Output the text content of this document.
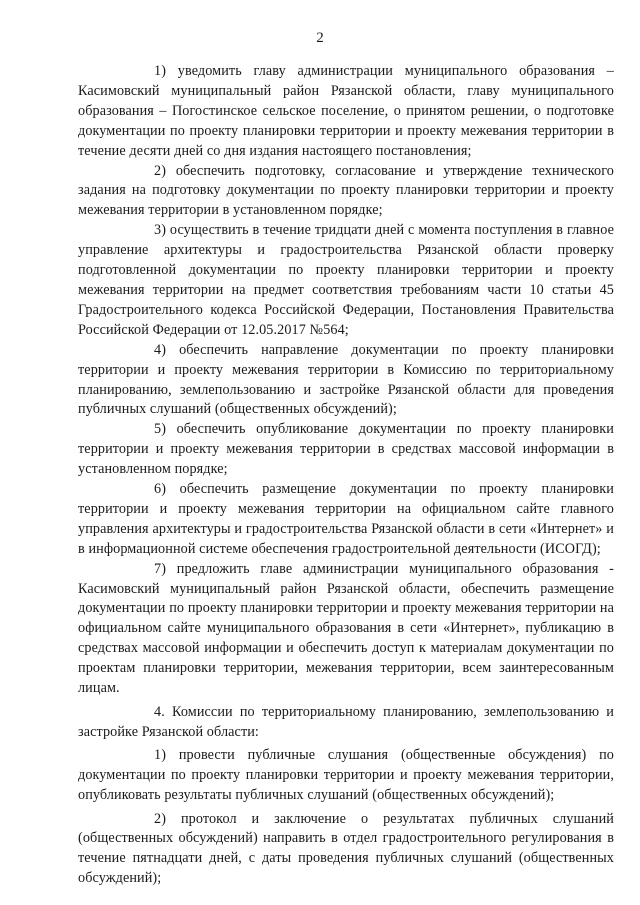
2

1) уведомить главу администрации муниципального образования – Касимовский муниципальный район Рязанской области, главу муниципального образования – Погостинское сельское поселение, о принятом решении, о подготовке документации по проекту планировки территории и проекту межевания территории в течение десяти дней со дня издания настоящего постановления;

2) обеспечить подготовку, согласование и утверждение технического задания на подготовку документации по проекту планировки территории и проекту межевания территории в установленном порядке;

3) осуществить в течение тридцати дней с момента поступления в главное управление архитектуры и градостроительства Рязанской области проверку подготовленной документации по проекту планировки территории и проекту межевания территории на предмет соответствия требованиям части 10 статьи 45 Градостроительного кодекса Российской Федерации, Постановления Правительства Российской Федерации от 12.05.2017 №564;

4) обеспечить направление документации по проекту планировки территории и проекту межевания территории в Комиссию по территориальному планированию, землепользованию и застройке Рязанской области для проведения публичных слушаний (общественных обсуждений);

5) обеспечить опубликование документации по проекту планировки территории и проекту межевания территории в средствах массовой информации в установленном порядке;

6) обеспечить размещение документации по проекту планировки территории и проекту межевания территории на официальном сайте главного управления архитектуры и градостроительства Рязанской области в сети «Интернет» и в информационной системе обеспечения градостроительной деятельности (ИСОГД);

7) предложить главе администрации муниципального образования - Касимовский муниципальный район Рязанской области, обеспечить размещение документации по проекту планировки территории и проекту межевания территории на официальном сайте муниципального образования в сети «Интернет», публикацию в средствах массовой информации и обеспечить доступ к материалам документации по проектам планировки территории, межевания территории, всем заинтересованным лицам.

4. Комиссии по территориальному планированию, землепользованию и застройке Рязанской области:

1) провести публичные слушания (общественные обсуждения) по документации по проекту планировки территории и проекту межевания территории, опубликовать результаты публичных слушаний (общественных обсуждений);

2) протокол и заключение о результатах публичных слушаний (общественных обсуждений) направить в отдел градостроительного регулирования в течение пятнадцати дней, с даты проведения публичных слушаний (общественных обсуждений);
